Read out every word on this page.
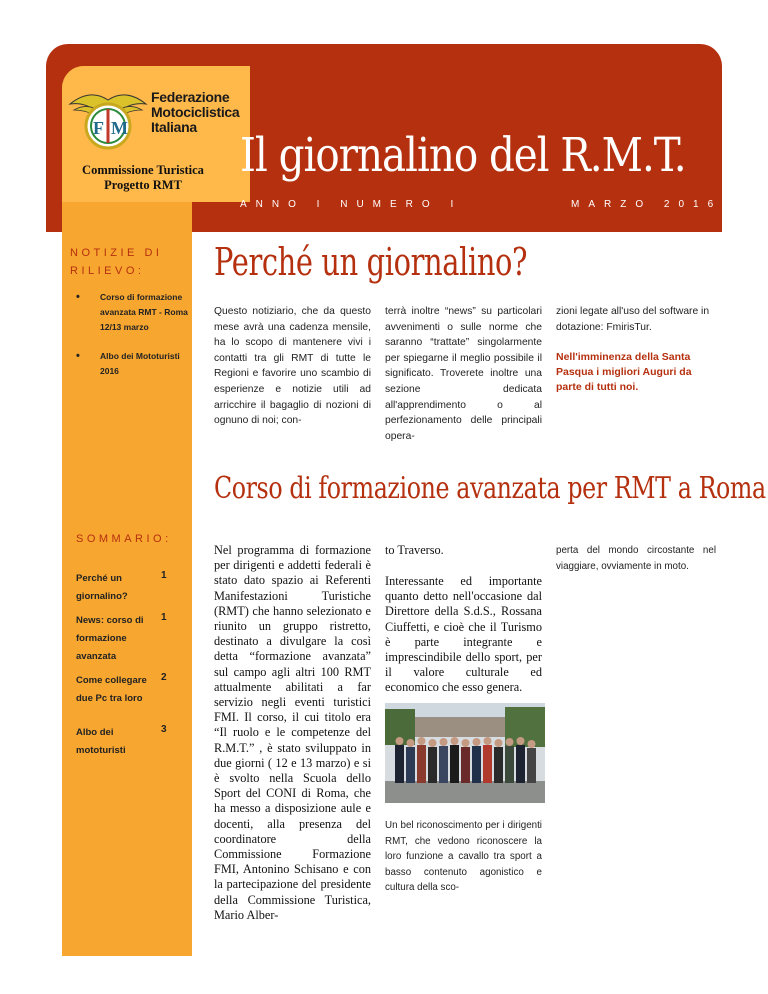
F M
Federazione
Motociclistica
Italiana
Commissione Turistica
Progetto RMT
Il giornalino del R.M.T.
ANNO I NUMERO I	MARZO 2016
NOTIZIE DI RILIEVO:
• Corso di formazione avanzata RMT - Roma 12/13 marzo
• Albo dei Mototuristi 2016
Perché un giornalino?

Questo notiziario, che da questo mese avrà una cadenza mensile, ha lo scopo di mantenere vivi i contatti tra gli RMT di tutte le Regioni e favorire uno scambio di esperienze e notizie utili ad arricchire il bagaglio di nozioni di ognuno di noi; con-

terrà inoltre “news” su particolari avvenimenti o sulle norme che saranno “trattate” singolarmente per spiegarne il meglio possibile il significato. Troverete inoltre una sezione dedicata all'apprendimento o al perfezionamento delle principali opera-

zioni legate all'uso del software in dotazione: FmirisTur.

Nell'imminenza della Santa Pasqua i migliori Auguri da parte di tutti noi.

Corso di formazione avanzata per RMT a Roma
SOMMARIO:
Perché un giornalino?
1
News: corso di formazione avanzata
1
Come collegare due Pc tra loro
2
Albo dei mototuristi
3

Nel programma di formazione per dirigenti e addetti federali è stato dato spazio ai Referenti Manifestazioni Turistiche (RMT) che hanno selezionato e riunito un gruppo ristretto, destinato a divulgare la così detta “formazione avanzata” sul campo agli altri 100 RMT attualmente abilitati a far servizio negli eventi turistici FMI. Il corso, il cui titolo era “Il ruolo e le competenze del R.M.T.” , è stato sviluppato in due giorni ( 12 e 13 marzo) e si è svolto nella Scuola dello Sport del CONI di Roma, che ha messo a disposizione aule e docenti, alla presenza del coordinatore della Commissione Formazione FMI, Antonino Schisano e con la partecipazione del presidente della Commissione Turistica, Mario Alber-

to Traverso.

Interessante ed importante quanto detto nell'occasione dal Direttore della S.d.S., Rossana Ciuffetti, e cioè che il Turismo è parte integrante e imprescindibile dello sport, per il valore culturale ed economico che esso genera.

Un bel riconoscimento per i dirigenti RMT, che vedono riconoscere la loro funzione a cavallo tra sport a basso contenuto agonistico e cultura della sco-

perta del mondo circostante nel viaggiare, ovviamente in moto.
